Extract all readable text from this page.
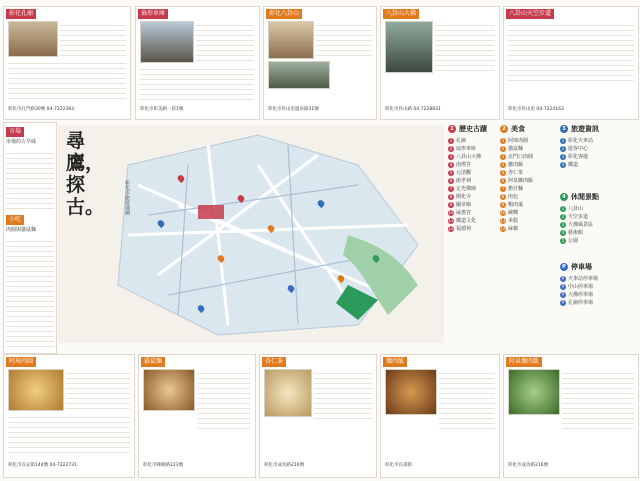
彰化孔廟
彰化市孔門路30號 04-7222363
扇形車庫
彰化市彰美路一段1號
彰化八卦山
彰化市卦山里溫泉路31號
八卦山大佛
彰化市卦山路 04-7228831
八卦山天空步道
彰化市卦山里 04-7224163
市場
市場的古早味
小吃
肉圓與貓鼠麵
尋鷹，探古。	彰化市旅遊地圖
1 歷史古蹟	2 美食	3 旅遊資訊
4 休閒景點
P 停車場
1 孔廟
2 扇形車庫
3 八卦山大佛
4 南瑤宮
5 元清觀
6 節孝祠
7 定光佛廟
8 開化寺
9 關帝廟
10 威惠宮
11 鐵道文化
12 福德祠
1 阿璋肉圓
2 貓鼠麵
3 北門口肉圓
4 爌肉飯
5 杏仁茶
6 阿泉爌肉飯
7 擔仔麵
8 肉包
9 鴨肉羹
10 碗粿
11 米糕
12 麻糬
1 彰化火車站
2 遊客中心
3 彰化客運
4 鐵道
1 八卦山
2 天空步道
3 大佛風景區
4 藝術館
5 公園
P 火車站停車場
P 中山停車場
P 大佛停車場
P 孔廟停車場
阿璋肉圓
彰化市長安街144號 04-7222731
貓鼠麵
彰化市陳稜路223號
杏仁茶
彰化市成功路216號
爌肉飯
彰化市長壽街
阿泉爌肉飯
彰化市成功路216號
